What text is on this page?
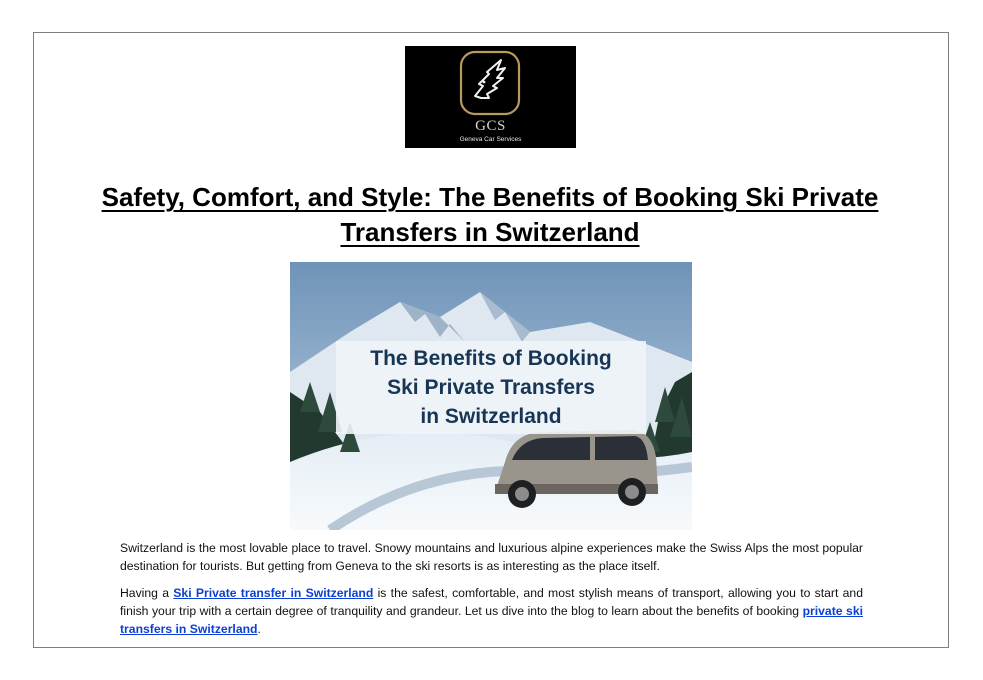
GCS
Geneva Car Services
Safety, Comfort, and Style: The Benefits of Booking Ski Private Transfers in Switzerland
The Benefits of Booking
Ski Private Transfers
in Switzerland

Switzerland is the most lovable place to travel. Snowy mountains and luxurious alpine experiences make the Swiss Alps the most popular destination for tourists. But getting from Geneva to the ski resorts is as interesting as the place itself.

Having a Ski Private transfer in Switzerland is the safest, comfortable, and most stylish means of transport, allowing you to start and finish your trip with a certain degree of tranquility and grandeur. Let us dive into the blog to learn about the benefits of booking private ski transfers in Switzerland.
